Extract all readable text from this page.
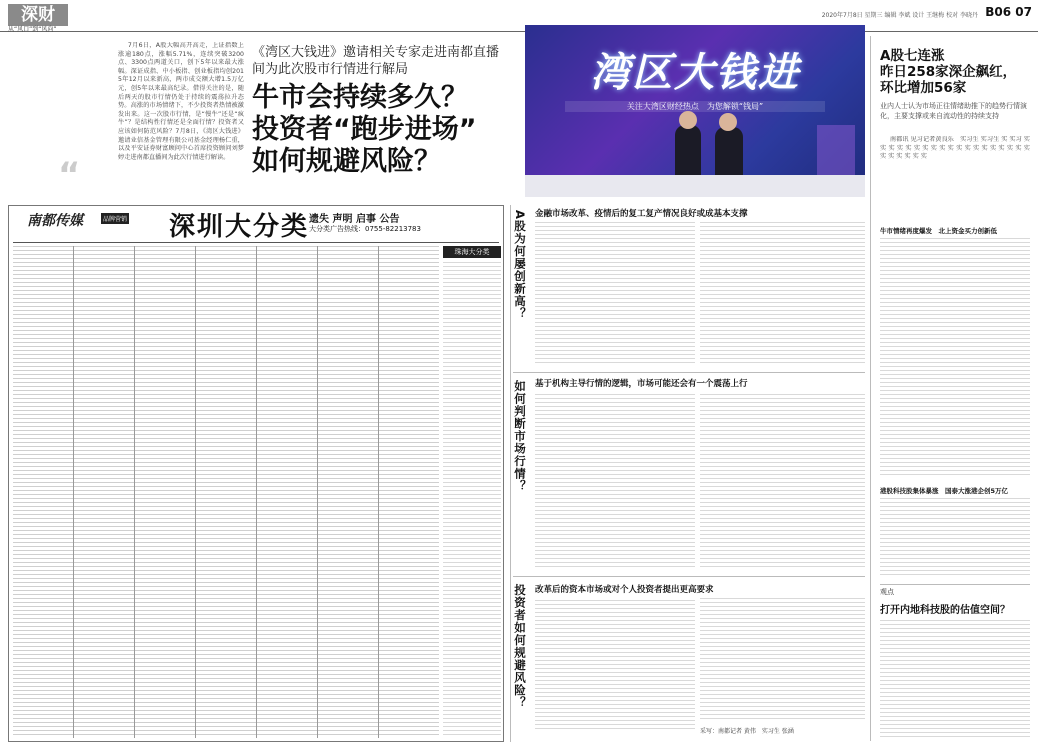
深财
从“风口”到“风向”
2020年7月8日 星期三 编辑 李斌 设计 王继梅 校对 李晓丹 B06 07

7月6日，A股大幅高开高走，上证指数上涨逾180点，涨幅5.71%，连续突破3200点、3300点两道关口，创下5年以来最大涨幅。深证成指、中小板指、创业板指均创2015年12月以来新高，两市成交额大增1.5万亿元，创5年以来最高纪录。借得关注的是，随后两天的股市行情仍处于持续的震荡拉升态势。高涨的市场情绪下，不少投资者热情被激发出来。这一次股市行情，是“慢牛”还是“疯牛”？是结构性行情还是全面行情？投资者又应该如何防范风险？7月8日，《湾区大钱进》邀请业信基金管理有限公司基金经理杨仁重，以及平安证券财富顾问中心首席投资顾问刘梦婷走进南都直播间为此次行情进行解读。

“
《湾区大钱进》邀请相关专家走进南都直播间为此次股市行情进行解局
牛市会持续多久？
投资者“跑步进场”
如何规避风险？
湾区大钱进
关注大湾区财经热点　为您解锁“钱局”
A股七连涨
昨日258家深企飙红，
环比增加56家
业内人士认为市场正往情绪助推下的趋势行情演化，主要支撑或来自流动性的持续支持

南都讯 见习记者黄良乐　实习生 实习生 实 实习 实 实 实 实 实 实 实 实 实 实 实 实 实 实 实 实 实 实 实 实 实 实 实 实 实

牛市情绪再度爆发　北上资金买力创新低
港股科技股集体暴涨　国泰大涨港企创5万亿
观点
打开内地科技股的估值空间？
南都传媒	品牌营销 深圳大分类 遗失 声明 启事 公告
大分类广告热线：0755-82213783
珠海大分类	A股为何屡创新高？ 金融市场改革、疫情后的复工复产情况良好或成基本支撑
如何判断市场行情？ 基于机构主导行情的逻辑，市场可能还会有一个震荡上行
投资者如何规避风险？ 改革后的资本市场或对个人投资者提出更高要求
采写：南都记者 黄伟　实习生 张涵
